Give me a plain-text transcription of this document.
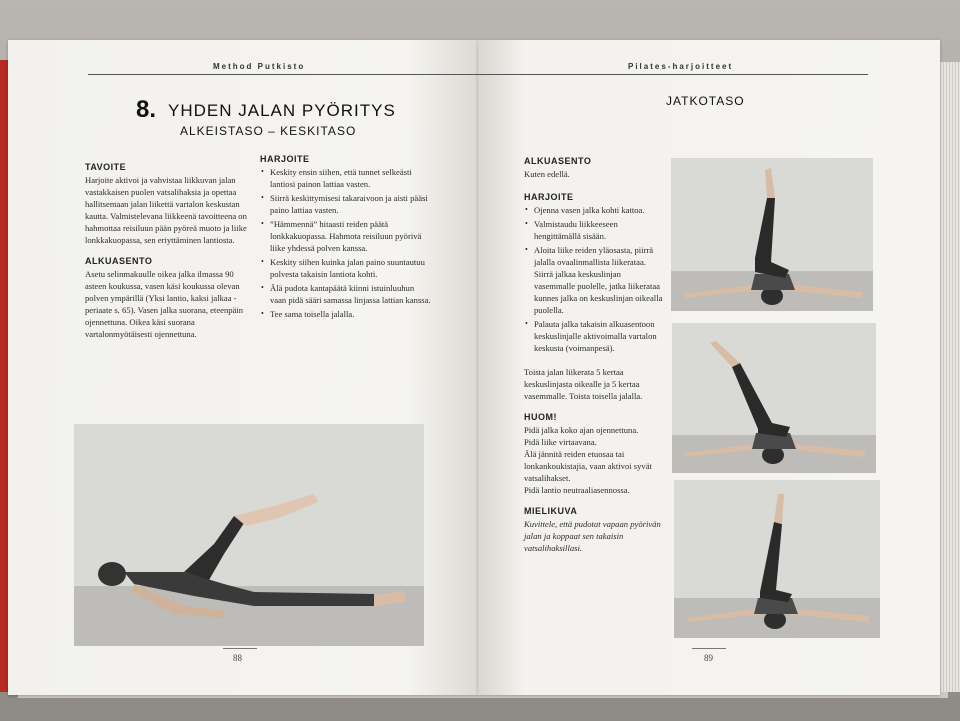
Method Putkisto
8. YHDEN JALAN PYÖRITYS
ALKEISTASO – KESKITASO
TAVOITE

Harjoite aktivoi ja vahvistaa liikkuvan jalan vastakkaisen puolen vatsalihaksia ja opettaa hallitsemaan jalan liikettä vartalon keskustan kautta. Valmistelevana liikkeenä tavoitteena on hahmottaa reisiluun pään pyöreä muoto ja liike lonkkakuopassa, sen eriyttäminen lantiosta.

ALKUASENTO

Asetu selinmakuulle oikea jalka ilmassa 90 asteen koukussa, vasen käsi koukussa olevan polven ympärillä (Yksi lantio, kaksi jalkaa -periaate s. 65). Vasen jalka suorana, eteenpäin ojennettuna. Oikea käsi suorana vartalonmyötäisesti ojennettuna.

HARJOITE
• Keskity ensin siihen, että tunnet selkeästi lantiosi painon lattiaa vasten.
• Siirrä keskittymisesi takaraivoon ja aisti pääsi paino lattiaa vasten.
• ”Hämmennä” hitaasti reiden päätä lonkkakuopassa. Hahmota reisiluun pyörivä liike yhdessä polven kanssa.
• Keskity siihen kuinka jalan paino suuntautuu polvesta takaisin lantiota kohti.
• Älä pudota kantapäätä kiinni istuinluuhun vaan pidä sääri samassa linjassa lattian kanssa.
• Tee sama toisella jalalla.
88
Pilates-harjoitteet
JATKOTASO
ALKUASENTO

Kuten edellä.

HARJOITE
• Ojenna vasen jalka kohti kattoa.
• Valmistaudu liikkeeseen hengittämällä sisään.
• Aloita liike reiden yläosasta, piirrä jalalla ovaalinmallista liikerataa. Siirrä jalkaa keskuslinjan vasemmalle puolelle, jatka liikerataa kunnes jalka on keskuslinjan oikealla puolella.
• Palauta jalka takaisin alkuasentoon keskuslinjalle aktivoimalla vartalon keskusta (voimanpesä).

Toista jalan liikerata 5 kertaa keskuslinjasta oikealle ja 5 kertaa vasemmalle. Toista toisella jalalla.

HUOM!

Pidä jalka koko ajan ojennettuna.

Pidä liike virtaavana.

Älä jännitä reiden etuosaa tai lonkankoukistajia, vaan aktivoi syvät vatsalihakset.

Pidä lantio neutraaliasennossa.

MIELIKUVA

Kuvittele, että pudotat vapaan pyörivän jalan ja koppaat sen takaisin vatsalihaksillasi.

89
